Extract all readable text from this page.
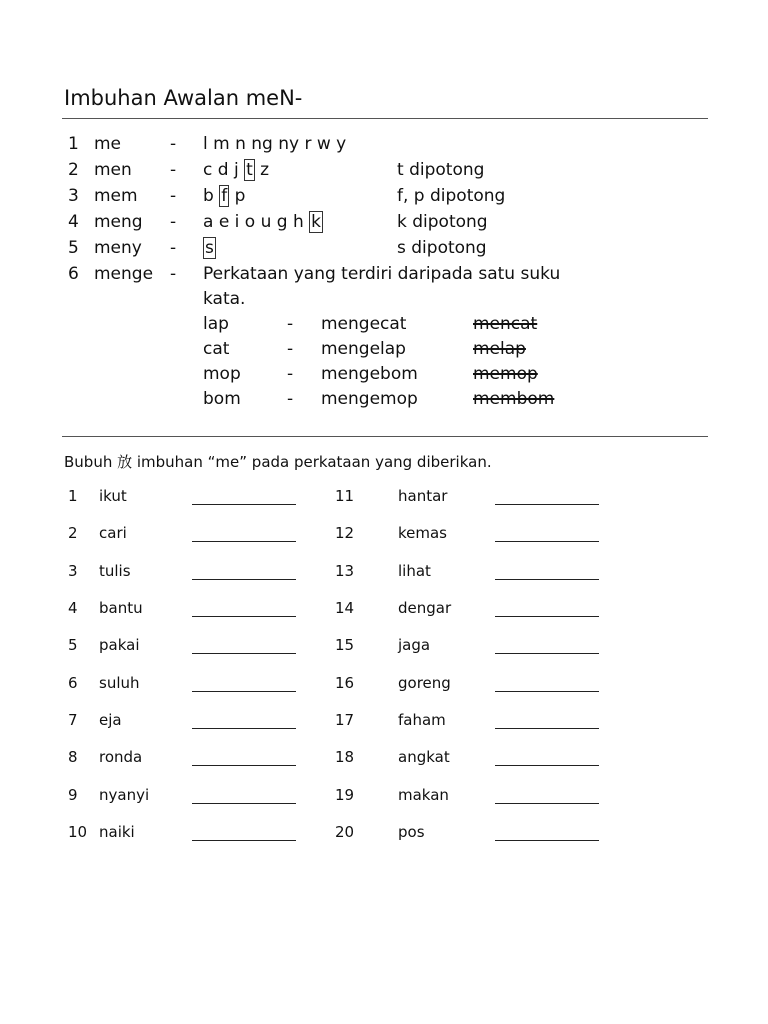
Imbuhan Awalan meN-
1 me	- l m n ng ny r w y
2 men - c d j t z	t dipotong
3 mem - b f p	f, p dipotong
4 meng - a e i o u g h k	k dipotong
5 meny - s	s dipotong
6 menge - Perkataan yang terdiri daripada satu suku
kata.
lap	- mengecat	mencat
cat	- mengelap	melap
mop	- mengebom	memop
bom	- mengemop	membom
Bubuh 放 imbuhan “me” pada perkataan yang diberikan.
1 ikut
2 cari
3 tulis
4 bantu
5 pakai
6 suluh
7 eja
8 ronda
9 nyanyi
10 naiki
11	hantar
12	kemas
13	lihat
14	dengar
15	jaga
16	goreng
17	faham
18	angkat
19	makan
20	pos
